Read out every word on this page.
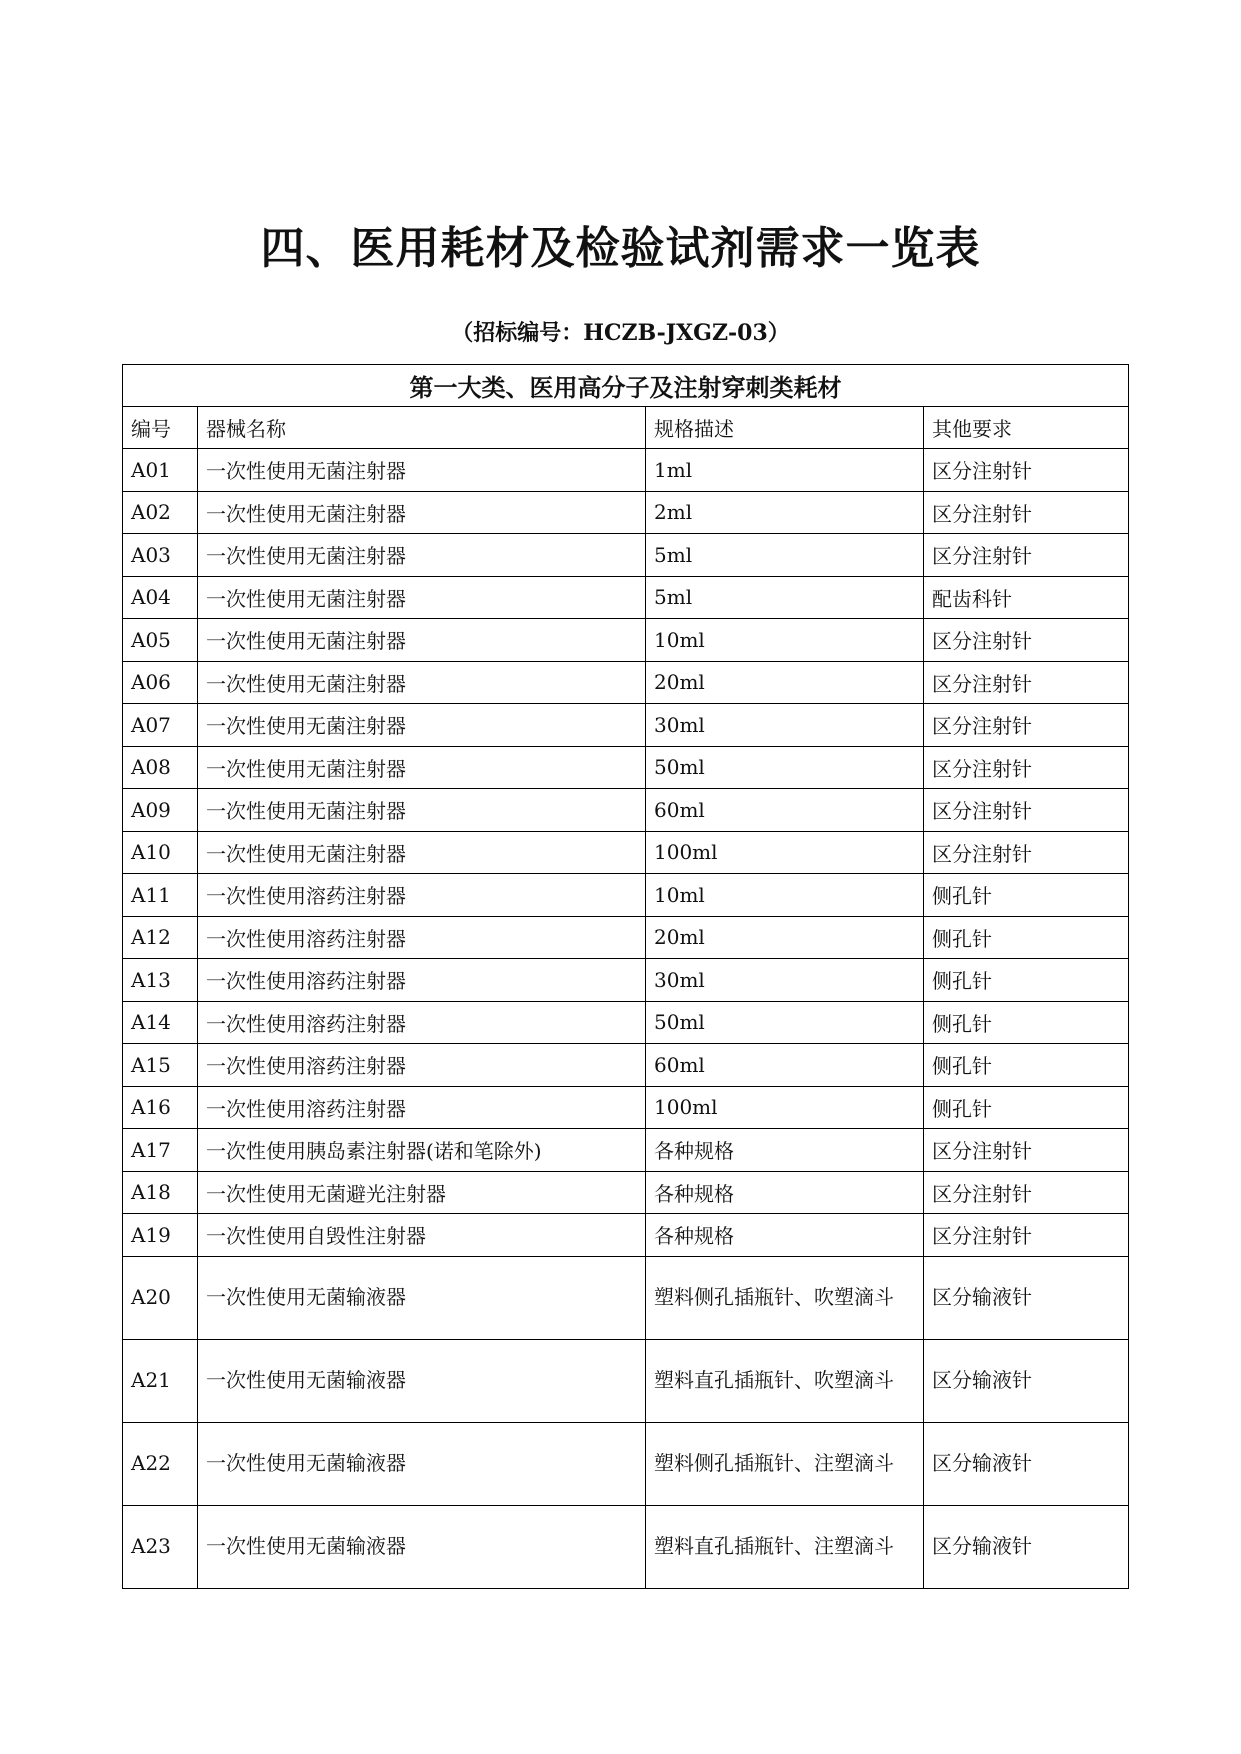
四、医用耗材及检验试剂需求一览表
（招标编号：HCZB-JXGZ-03）
第一大类、医用高分子及注射穿刺类耗材			
编号	器械名称	规格描述	其他要求
A01	一次性使用无菌注射器	1ml	区分注射针
A02	一次性使用无菌注射器	2ml	区分注射针
A03	一次性使用无菌注射器	5ml	区分注射针
A04	一次性使用无菌注射器	5ml	配齿科针
A05	一次性使用无菌注射器	10ml	区分注射针
A06	一次性使用无菌注射器	20ml	区分注射针
A07	一次性使用无菌注射器	30ml	区分注射针
A08	一次性使用无菌注射器	50ml	区分注射针
A09	一次性使用无菌注射器	60ml	区分注射针
A10	一次性使用无菌注射器	100ml	区分注射针
A11	一次性使用溶药注射器	10ml	侧孔针
A12	一次性使用溶药注射器	20ml	侧孔针
A13	一次性使用溶药注射器	30ml	侧孔针
A14	一次性使用溶药注射器	50ml	侧孔针
A15	一次性使用溶药注射器	60ml	侧孔针
A16	一次性使用溶药注射器	100ml	侧孔针
A17	一次性使用胰岛素注射器(诺和笔除外)	各种规格	区分注射针
A18	一次性使用无菌避光注射器	各种规格	区分注射针
A19	一次性使用自毁性注射器	各种规格	区分注射针
A20	一次性使用无菌输液器	塑料侧孔插瓶针、吹塑滴斗	区分输液针
A21	一次性使用无菌输液器	塑料直孔插瓶针、吹塑滴斗	区分输液针
A22	一次性使用无菌输液器	塑料侧孔插瓶针、注塑滴斗	区分输液针
A23	一次性使用无菌输液器	塑料直孔插瓶针、注塑滴斗	区分输液针
